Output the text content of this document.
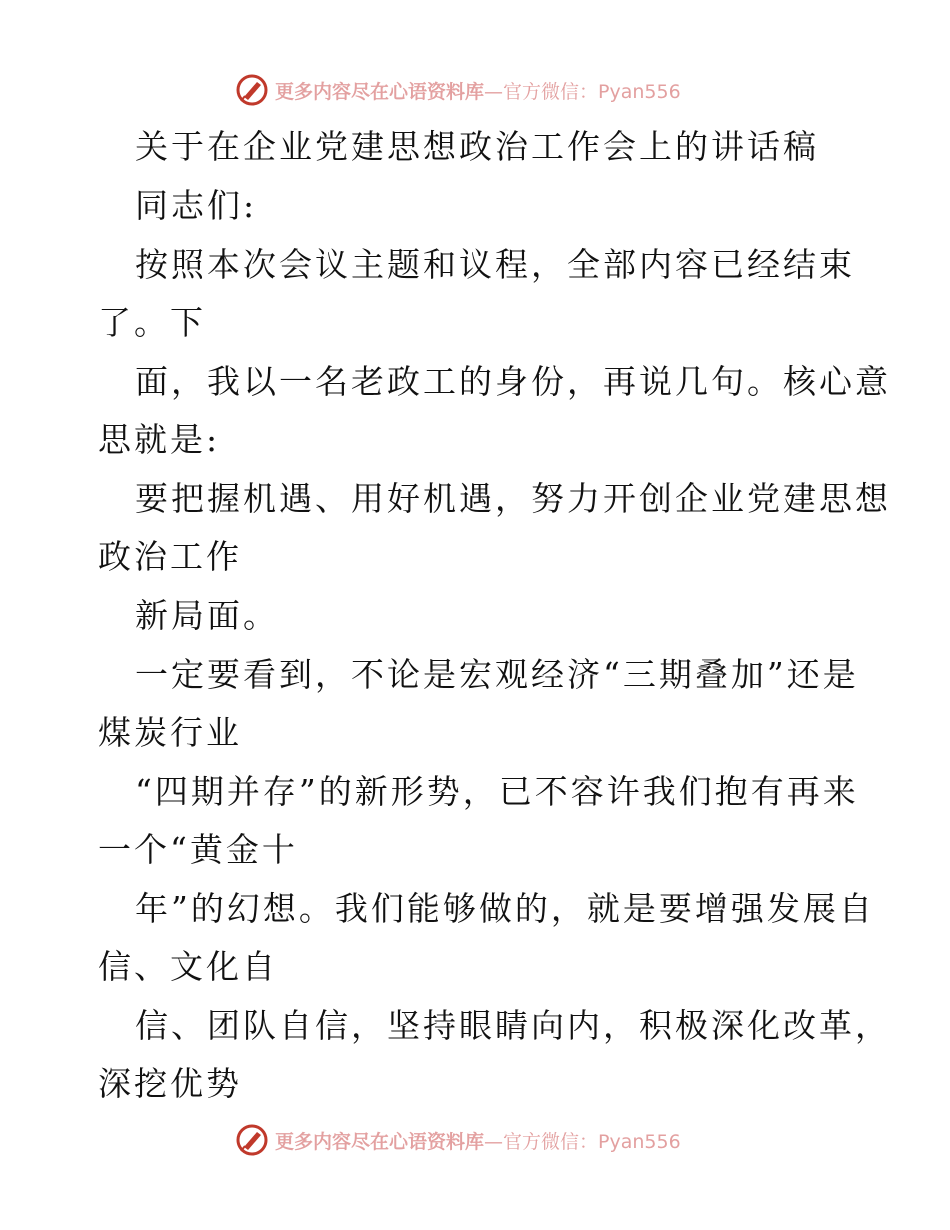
更多内容尽在心语资料库 —官方微信：Pyan556
关于在企业党建思想政治工作会上的讲话稿
同志们:
按照本次会议主题和议程，全部内容已经结束
了。下
面，我以一名老政工的身份，再说几句。核心意
思就是:
要把握机遇、用好机遇，努力开创企业党建思想
政治工作
新局面。
一定要看到，不论是宏观经济“三期叠加”还是
煤炭行业
“四期并存”的新形势，已不容许我们抱有再来
一个“黄金十
年”的幻想。我们能够做的，就是要增强发展自
信、文化自
信、团队自信，坚持眼睛向内，积极深化改革，
深挖优势
更多内容尽在心语资料库 —官方微信：Pyan556
